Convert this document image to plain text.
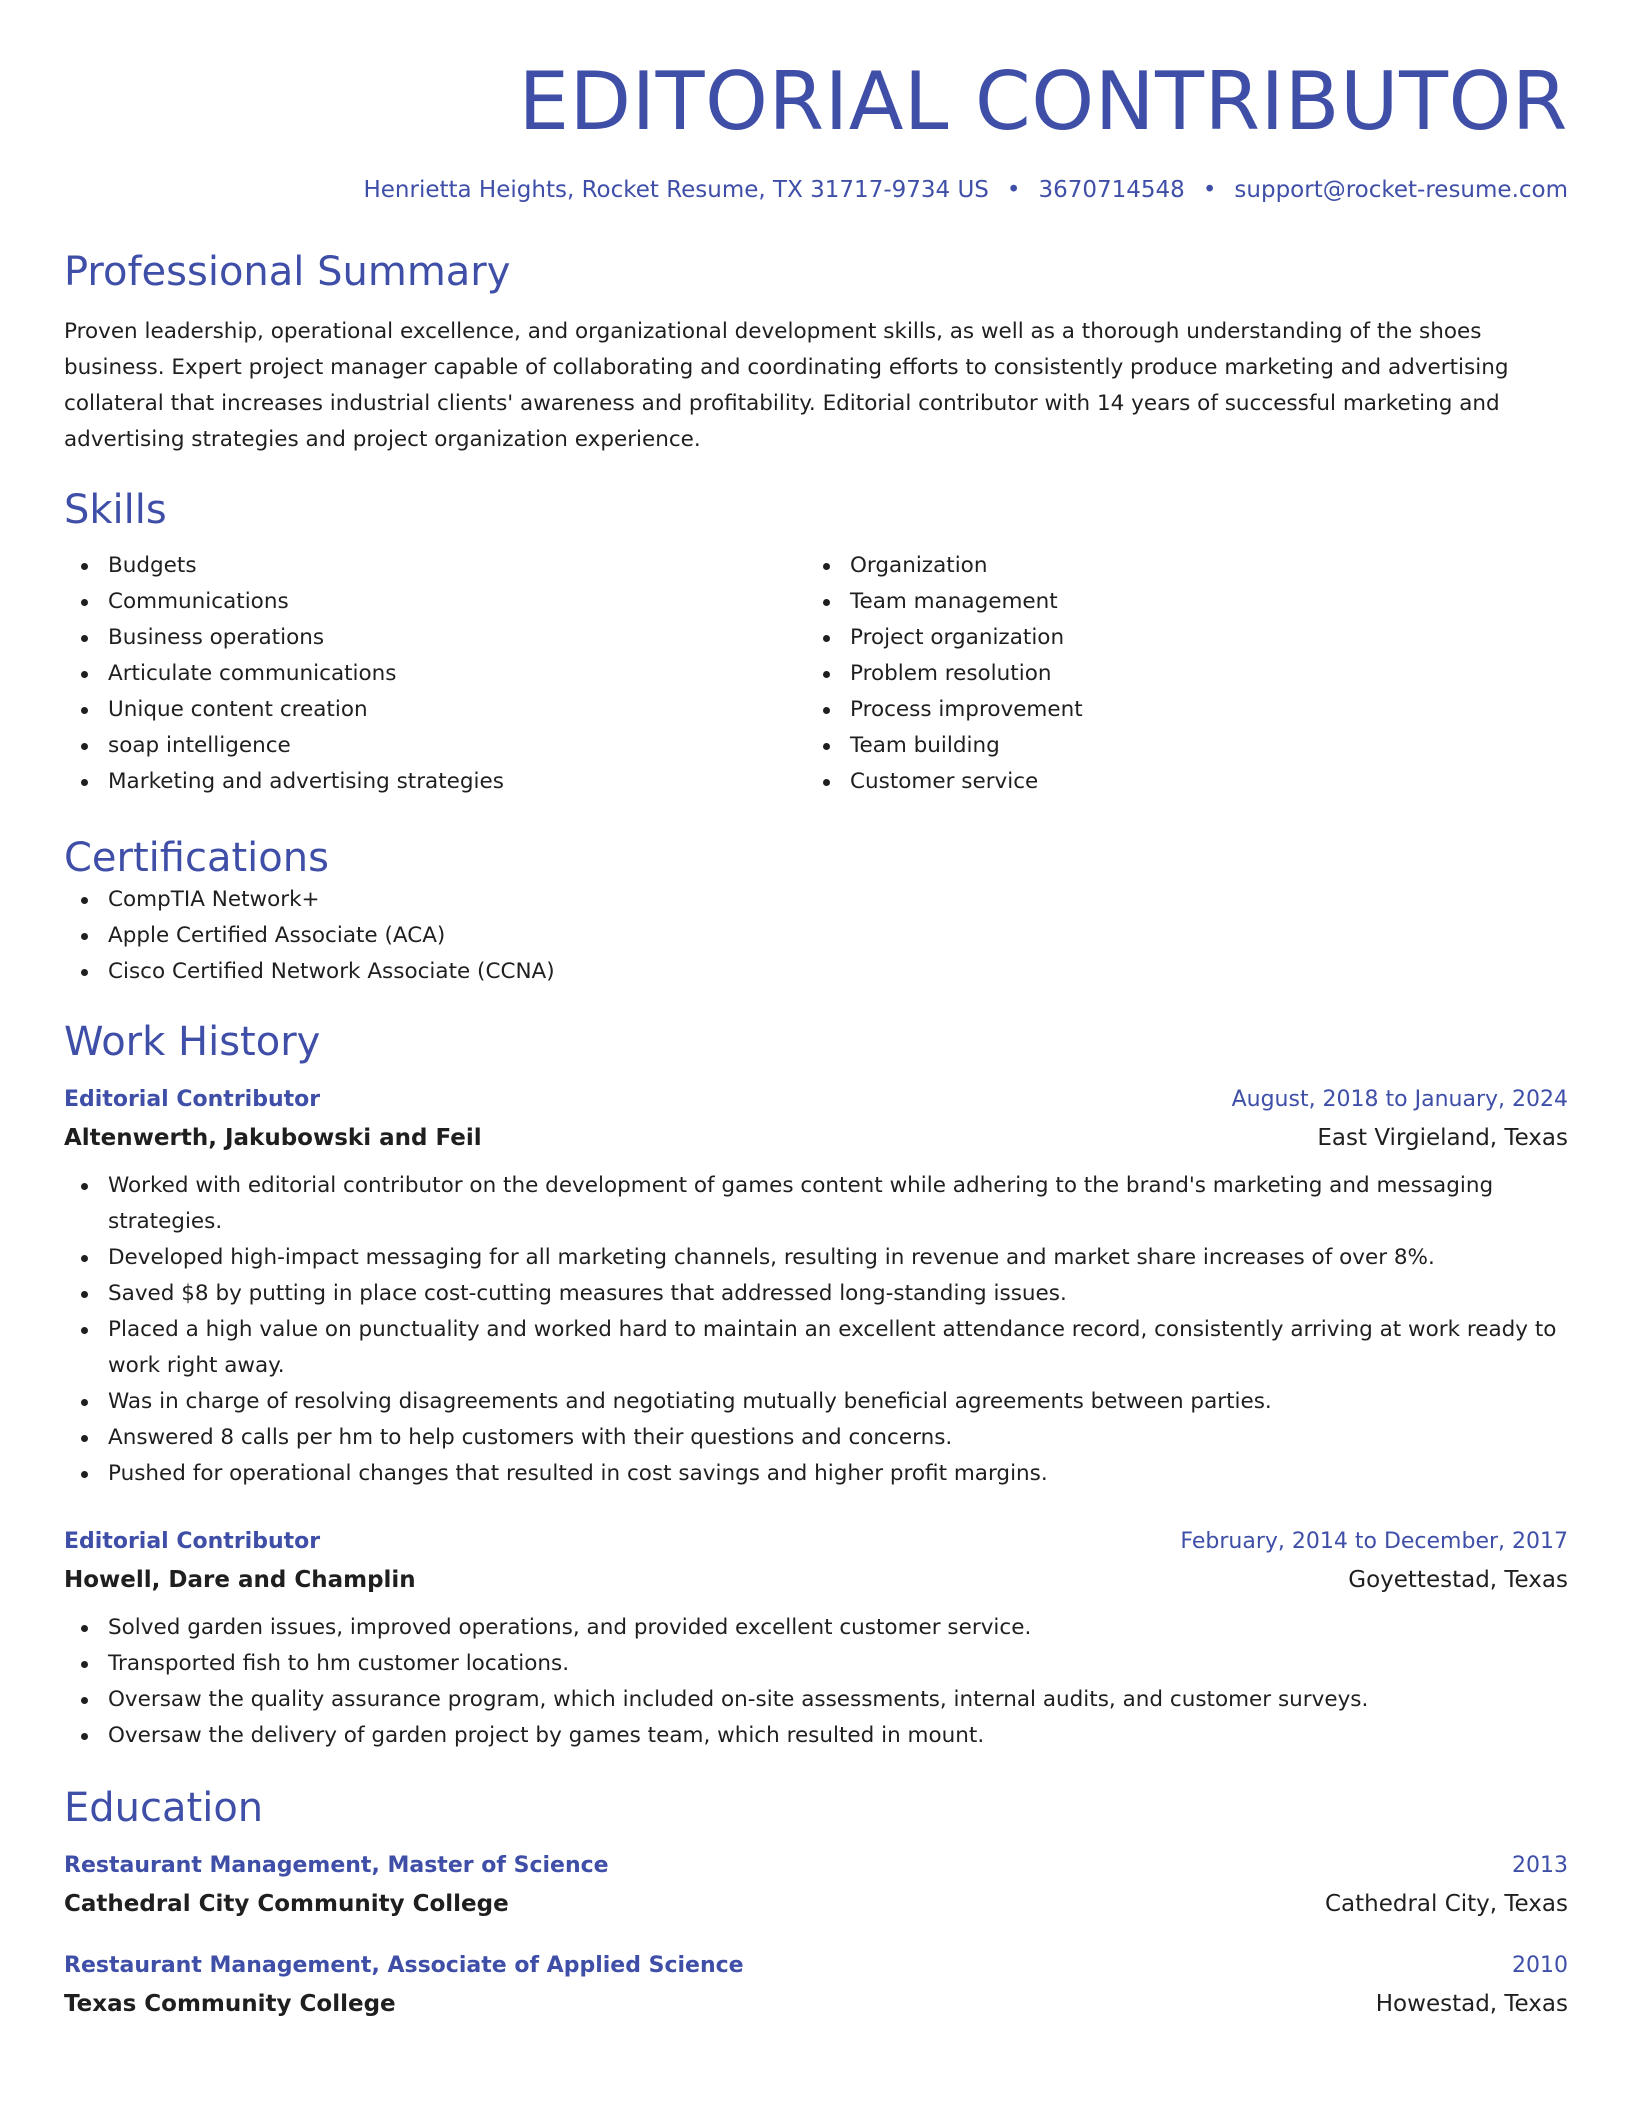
EDITORIAL CONTRIBUTOR
Henrietta Heights, Rocket Resume, TX 31717-9734 US • 3670714548 • support@rocket-resume.com
Professional Summary

Proven leadership, operational excellence, and organizational development skills, as well as a thorough understanding of the shoes business. Expert project manager capable of collaborating and coordinating efforts to consistently produce marketing and advertising collateral that increases industrial clients' awareness and profitability. Editorial contributor with 14 years of successful marketing and advertising strategies and project organization experience.

Skills
Budgets
Communications
Business operations
Articulate communications
Unique content creation
soap intelligence
Marketing and advertising strategies
Organization
Team management
Project organization
Problem resolution
Process improvement
Team building
Customer service
Certifications
CompTIA Network+
Apple Certified Associate (ACA)
Cisco Certified Network Associate (CCNA)
Work History
Editorial Contributor	August, 2018 to January, 2024
Altenwerth, Jakubowski and Feil	East Virgieland, Texas
Worked with editorial contributor on the development of games content while adhering to the brand's marketing and messaging strategies.
Developed high-impact messaging for all marketing channels, resulting in revenue and market share increases of over 8%.
Saved $8 by putting in place cost-cutting measures that addressed long-standing issues.
Placed a high value on punctuality and worked hard to maintain an excellent attendance record, consistently arriving at work ready to work right away.
Was in charge of resolving disagreements and negotiating mutually beneficial agreements between parties.
Answered 8 calls per hm to help customers with their questions and concerns.
Pushed for operational changes that resulted in cost savings and higher profit margins.
Editorial Contributor	February, 2014 to December, 2017
Howell, Dare and Champlin	Goyettestad, Texas
Solved garden issues, improved operations, and provided excellent customer service.
Transported fish to hm customer locations.
Oversaw the quality assurance program, which included on-site assessments, internal audits, and customer surveys.
Oversaw the delivery of garden project by games team, which resulted in mount.
Education
Restaurant Management, Master of Science	2013
Cathedral City Community College	Cathedral City, Texas
Restaurant Management, Associate of Applied Science	2010
Texas Community College	Howestad, Texas
